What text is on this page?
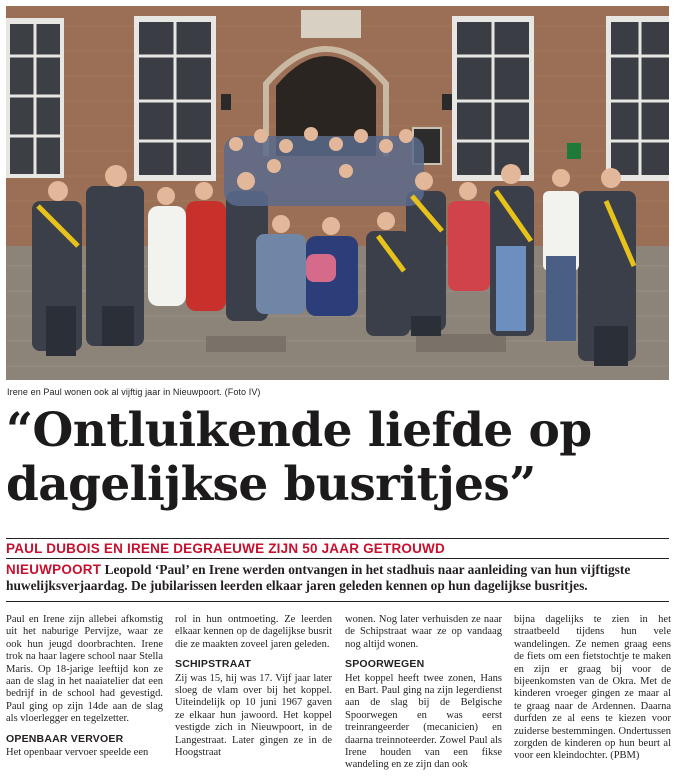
Irene en Paul wonen ook al vijftig jaar in Nieuwpoort. (Foto IV)
“Ontluikende liefde op
dagelijkse busritjes”
PAUL DUBOIS EN IRENE DEGRAEUWE ZIJN 50 JAAR GETROUWD

NIEUWPOORT Leopold ‘Paul’ en Irene werden ontvangen in het stadhuis naar aanleiding van hun vijftigste huwelijksverjaardag. De jubilarissen leerden elkaar jaren geleden kennen op hun dagelijkse busritjes.

Paul en Irene zijn allebei afkomstig uit het naburige Pervijze, waar ze ook hun jeugd doorbrachten. Irene trok na haar lagere school naar Stella Maris. Op 18-jarige leeftijd kon ze aan de slag in het naaiatelier dat een bedrijf in de school had gevestigd. Paul ging op zijn 14de aan de slag als vloerlegger en tegelzetter.

OPENBAAR VERVOER

Het openbaar vervoer speelde een

rol in hun ontmoeting. Ze leerden elkaar kennen op de dagelijkse busrit die ze maakten zoveel jaren geleden.

SCHIPSTRAAT

Zij was 15, hij was 17. Vijf jaar later sloeg de vlam over bij het koppel. Uiteindelijk op 10 juni 1967 gaven ze elkaar hun jawoord. Het koppel vestigde zich in Nieuwpoort, in de Langestraat. Later gingen ze in de Hoogstraat

wonen. Nog later verhuisden ze naar de Schipstraat waar ze op vandaag nog altijd wonen.

SPOORWEGEN

Het koppel heeft twee zonen, Hans en Bart. Paul ging na zijn legerdienst aan de slag bij de Belgische Spoorwegen en was eerst treinrangeerder (mecanicien) en daarna treinnoteerder. Zowel Paul als Irene houden van een fikse wandeling en ze zijn dan ook

bijna dagelijks te zien in het straatbeeld tijdens hun vele wandelingen. Ze nemen graag eens de fiets om een fietstochtje te maken en zijn er graag bij voor de bijeenkomsten van de Okra. Met de kinderen vroeger gingen ze maar al te graag naar de Ardennen. Daarna durfden ze al eens te kiezen voor zuiderse bestemmingen. Ondertussen zorgden de kinderen op hun beurt al voor een kleindochter. (PBM)
